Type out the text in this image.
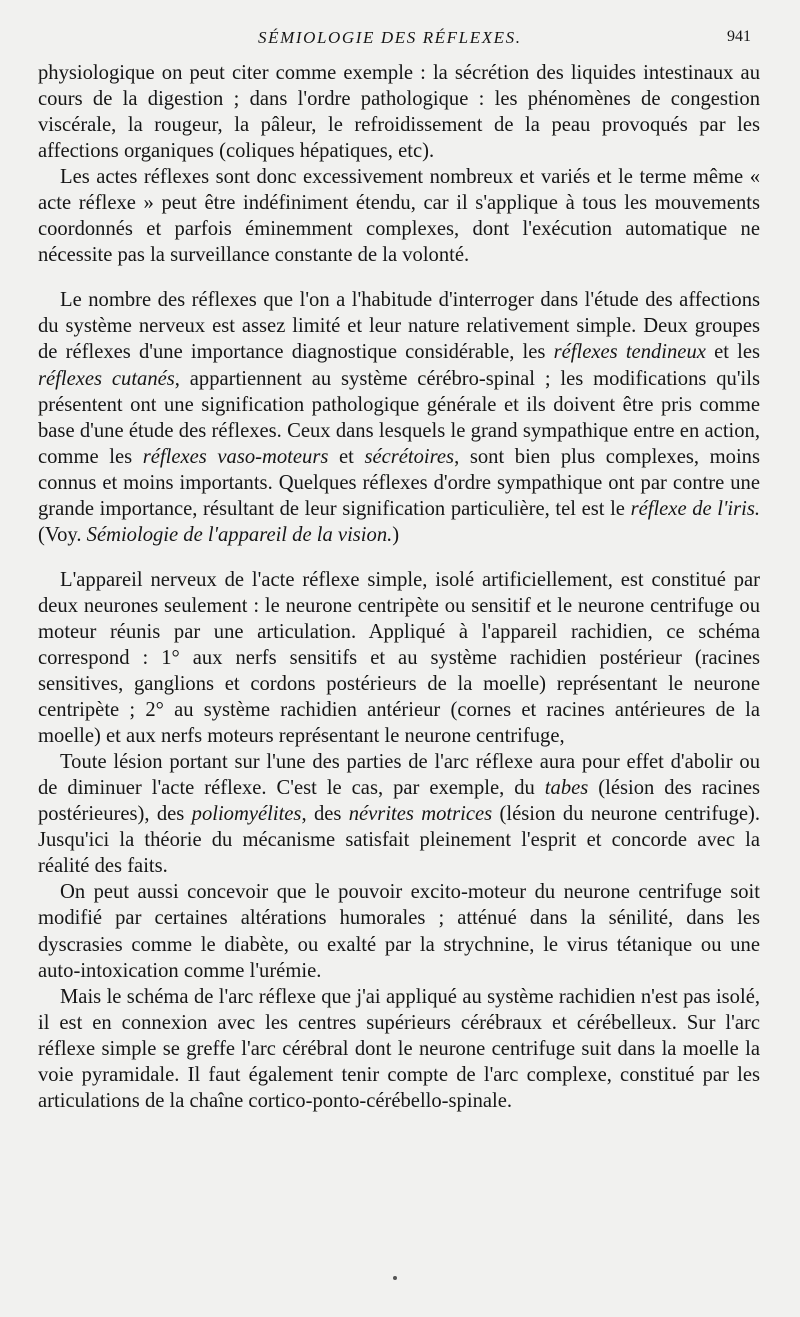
SÉMIOLOGIE DES RÉFLEXES.	941

physiologique on peut citer comme exemple : la sécrétion des liquides intestinaux au cours de la digestion ; dans l'ordre pathologique : les phénomènes de congestion viscérale, la rougeur, la pâleur, le refroidissement de la peau provoqués par les affections organiques (coliques hépatiques, etc).

Les actes réflexes sont donc excessivement nombreux et variés et le terme même « acte réflexe » peut être indéfiniment étendu, car il s'applique à tous les mouvements coordonnés et parfois éminemment complexes, dont l'exécution automatique ne nécessite pas la surveillance constante de la volonté.

Le nombre des réflexes que l'on a l'habitude d'interroger dans l'étude des affections du système nerveux est assez limité et leur nature relativement simple. Deux groupes de réflexes d'une importance diagnostique considérable, les réflexes tendineux et les réflexes cutanés, appartiennent au système cérébro-spinal ; les modifications qu'ils présentent ont une signification pathologique générale et ils doivent être pris comme base d'une étude des réflexes. Ceux dans lesquels le grand sympathique entre en action, comme les réflexes vaso-moteurs et sécrétoires, sont bien plus complexes, moins connus et moins importants. Quelques réflexes d'ordre sympathique ont par contre une grande importance, résultant de leur signification particulière, tel est le réflexe de l'iris. (Voy. Sémiologie de l'appareil de la vision.)

L'appareil nerveux de l'acte réflexe simple, isolé artificiellement, est constitué par deux neurones seulement : le neurone centripète ou sensitif et le neurone centrifuge ou moteur réunis par une articulation. Appliqué à l'appareil rachidien, ce schéma correspond : 1° aux nerfs sensitifs et au système rachidien postérieur (racines sensitives, ganglions et cordons postérieurs de la moelle) représentant le neurone centripète ; 2° au système rachidien antérieur (cornes et racines antérieures de la moelle) et aux nerfs moteurs représentant le neurone centrifuge,

Toute lésion portant sur l'une des parties de l'arc réflexe aura pour effet d'abolir ou de diminuer l'acte réflexe. C'est le cas, par exemple, du tabes (lésion des racines postérieures), des poliomyélites, des névrites motrices (lésion du neurone centrifuge). Jusqu'ici la théorie du mécanisme satisfait pleinement l'esprit et concorde avec la réalité des faits.

On peut aussi concevoir que le pouvoir excito-moteur du neurone centrifuge soit modifié par certaines altérations humorales ; atténué dans la sénilité, dans les dyscrasies comme le diabète, ou exalté par la strychnine, le virus tétanique ou une auto-intoxication comme l'urémie.

Mais le schéma de l'arc réflexe que j'ai appliqué au système rachidien n'est pas isolé, il est en connexion avec les centres supérieurs cérébraux et cérébelleux. Sur l'arc réflexe simple se greffe l'arc cérébral dont le neurone centrifuge suit dans la moelle la voie pyramidale. Il faut également tenir compte de l'arc complexe, constitué par les articulations de la chaîne cortico-ponto-cérébello-spinale.
